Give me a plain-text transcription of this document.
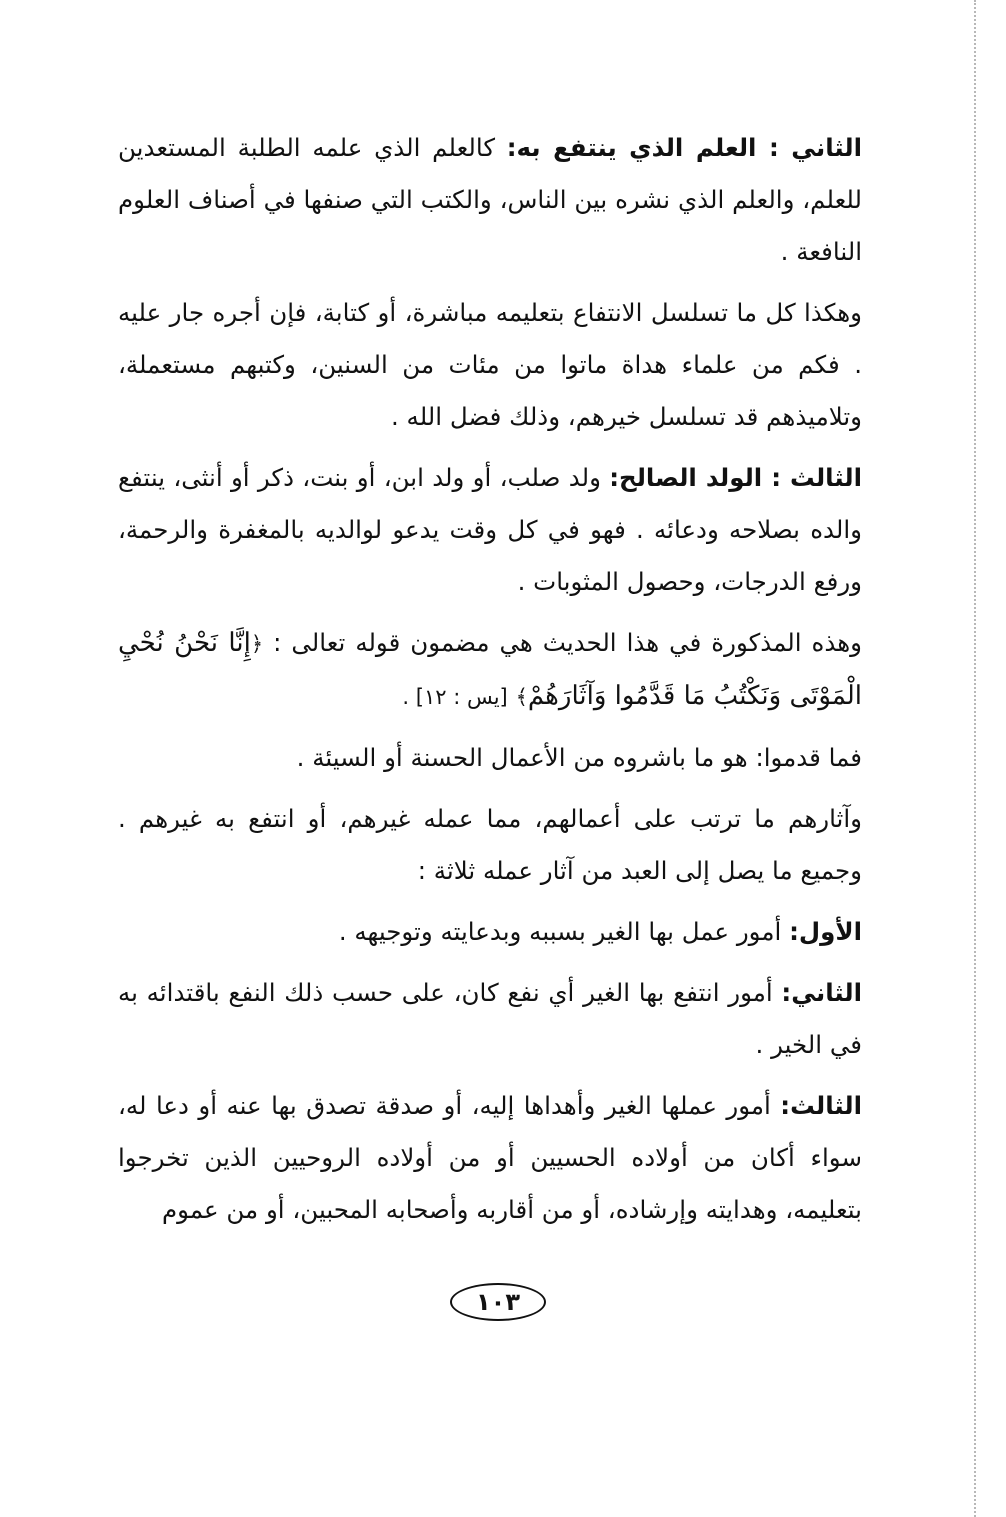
الثاني : العلم الذي ينتفع به: كالعلم الذي علمه الطلبة المستعدين للعلم، والعلم الذي نشره بين الناس، والكتب التي صنفها في أصناف العلوم النافعة .

وهكذا كل ما تسلسل الانتفاع بتعليمه مباشرة، أو كتابة، فإن أجره جار عليه . فكم من علماء هداة ماتوا من مئات من السنين، وكتبهم مستعملة، وتلاميذهم قد تسلسل خيرهم، وذلك فضل الله .

الثالث : الولد الصالح: ولد صلب، أو ولد ابن، أو بنت، ذكر أو أنثى، ينتفع والده بصلاحه ودعائه . فهو في كل وقت يدعو لوالديه بالمغفرة والرحمة، ورفع الدرجات، وحصول المثوبات .

وهذه المذكورة في هذا الحديث هي مضمون قوله تعالى : ﴿إِنَّا نَحْنُ نُحْيِ الْمَوْتَى وَنَكْتُبُ مَا قَدَّمُوا وَآثَارَهُمْ﴾ [يس : ١٢] .

فما قدموا: هو ما باشروه من الأعمال الحسنة أو السيئة .

وآثارهم ما ترتب على أعمالهم، مما عمله غيرهم، أو انتفع به غيرهم . وجميع ما يصل إلى العبد من آثار عمله ثلاثة :

الأول: أمور عمل بها الغير بسببه وبدعايته وتوجيهه .

الثاني: أمور انتفع بها الغير أي نفع كان، على حسب ذلك النفع باقتدائه به في الخير .

الثالث: أمور عملها الغير وأهداها إليه، أو صدقة تصدق بها عنه أو دعا له، سواء أكان من أولاده الحسيين أو من أولاده الروحيين الذين تخرجوا بتعليمه، وهدايته وإرشاده، أو من أقاربه وأصحابه المحبين، أو من عموم

١٠٣
